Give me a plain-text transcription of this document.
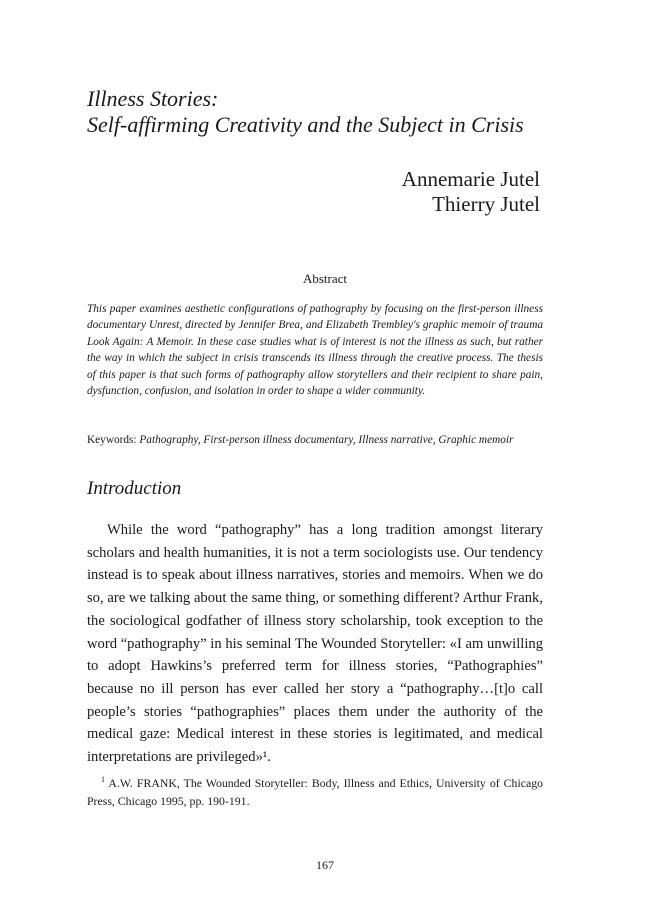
Illness Stories:
Self-affirming Creativity and the Subject in Crisis
Annemarie Jutel
Thierry Jutel
Abstract
This paper examines aesthetic configurations of pathography by focusing on the first-person illness documentary Unrest, directed by Jennifer Brea, and Elizabeth Trembley's graphic memoir of trauma Look Again: A Memoir. In these case studies what is of interest is not the illness as such, but rather the way in which the subject in crisis transcends its illness through the creative process. The thesis of this paper is that such forms of pathography allow storytellers and their recipient to share pain, dysfunction, confusion, and isolation in order to shape a wider community.
Keywords: Pathography, First-person illness documentary, Illness narrative, Graphic memoir
Introduction
While the word “pathography” has a long tradition amongst literary scholars and health humanities, it is not a term sociologists use. Our tendency instead is to speak about illness narratives, stories and memoirs. When we do so, are we talking about the same thing, or something different? Arthur Frank, the sociological godfather of illness story scholarship, took exception to the word “pathography” in his seminal The Wounded Storyteller: «I am unwilling to adopt Hawkins’s preferred term for illness stories, “Pathographies” because no ill person has ever called her story a “pathography…[t]o call people’s stories “pathographies” places them under the authority of the medical gaze: Medical interest in these stories is legitimated, and medical interpretations are privileged»¹.
$^1$ A.W. FRANK, The Wounded Storyteller: Body, Illness and Ethics, University of Chicago Press, Chicago 1995, pp. 190-191.
167
